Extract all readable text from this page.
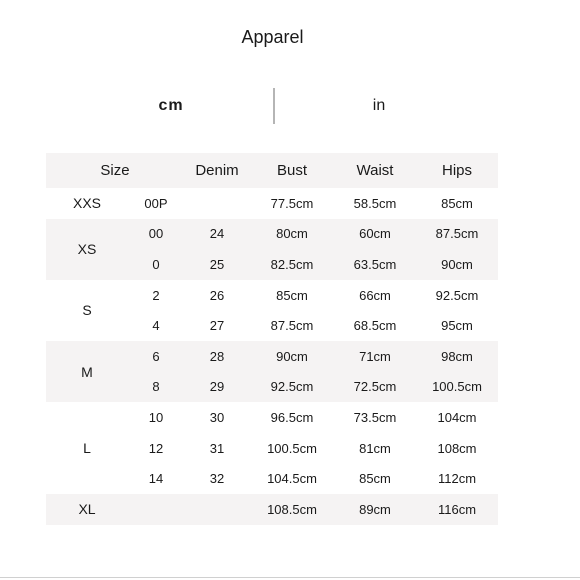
Apparel
cm	in
Size		Denim	Bust	Waist	Hips
XXS	00P		77.5cm	58.5cm	85cm
XS	00	24	80cm	60cm	87.5cm
	0	25	82.5cm	63.5cm	90cm
S	2	26	85cm	66cm	92.5cm
	4	27	87.5cm	68.5cm	95cm
M	6	28	90cm	71cm	98cm
	8	29	92.5cm	72.5cm	100.5cm
L	10	30	96.5cm	73.5cm	104cm
	12	31	100.5cm	81cm	108cm
	14	32	104.5cm	85cm	112cm
XL			108.5cm	89cm	116cm
